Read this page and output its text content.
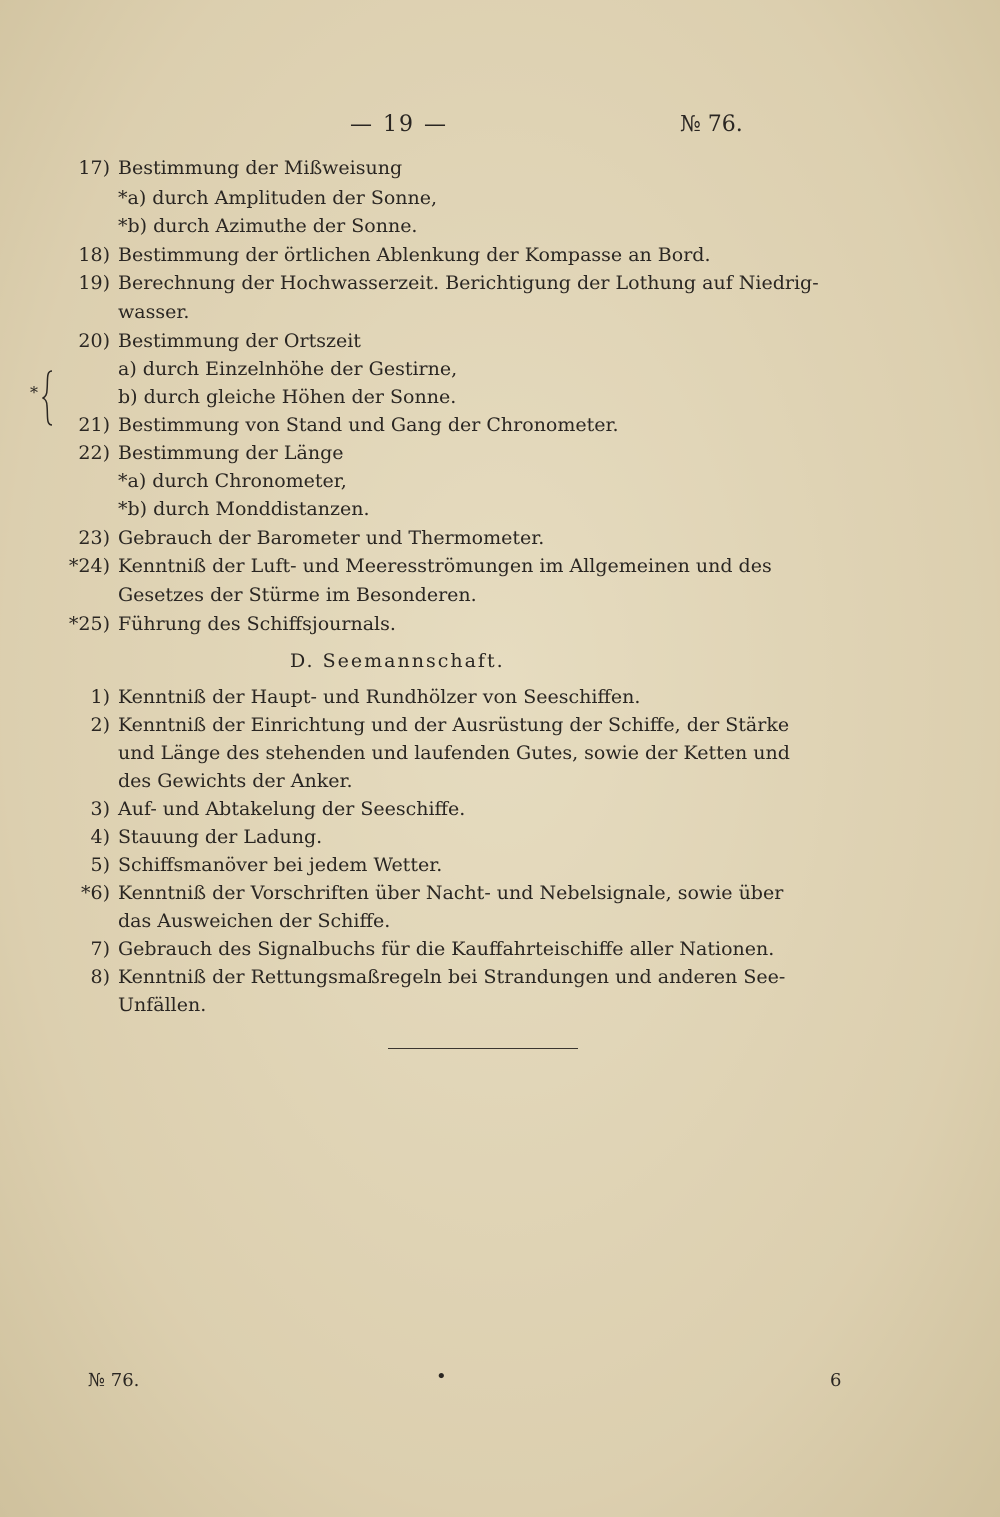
— 19 —	№ 76.
17) Bestimmung der Mißweisung
*a) durch Amplituden der Sonne,
*b) durch Azimuthe der Sonne.
18) Bestimmung der örtlichen Ablenkung der Kompasse an Bord.
19) Berechnung der Hochwasserzeit. Berichtigung der Lothung auf Niedrig-
wasser.
20) Bestimmung der Ortszeit
a) durch Einzelnhöhe der Gestirne,
b) durch gleiche Höhen der Sonne.
21) Bestimmung von Stand und Gang der Chronometer.
22) Bestimmung der Länge
*a) durch Chronometer,
*b) durch Monddistanzen.
23) Gebrauch der Barometer und Thermometer.
*24) Kenntniß der Luft- und Meeresströmungen im Allgemeinen und des
Gesetzes der Stürme im Besonderen.
*25) Führung des Schiffsjournals.
D. Seemannschaft.
1) Kenntniß der Haupt- und Rundhölzer von Seeschiffen.
2) Kenntniß der Einrichtung und der Ausrüstung der Schiffe, der Stärke
und Länge des stehenden und laufenden Gutes, sowie der Ketten und
des Gewichts der Anker.
3) Auf- und Abtakelung der Seeschiffe.
4) Stauung der Ladung.
5) Schiffsmanöver bei jedem Wetter.
*6) Kenntniß der Vorschriften über Nacht- und Nebelsignale, sowie über
das Ausweichen der Schiffe.
7) Gebrauch des Signalbuchs für die Kauffahrteischiffe aller Nationen.
8) Kenntniß der Rettungsmaßregeln bei Strandungen und anderen See-
Unfällen.
*
№ 76.	•	6
